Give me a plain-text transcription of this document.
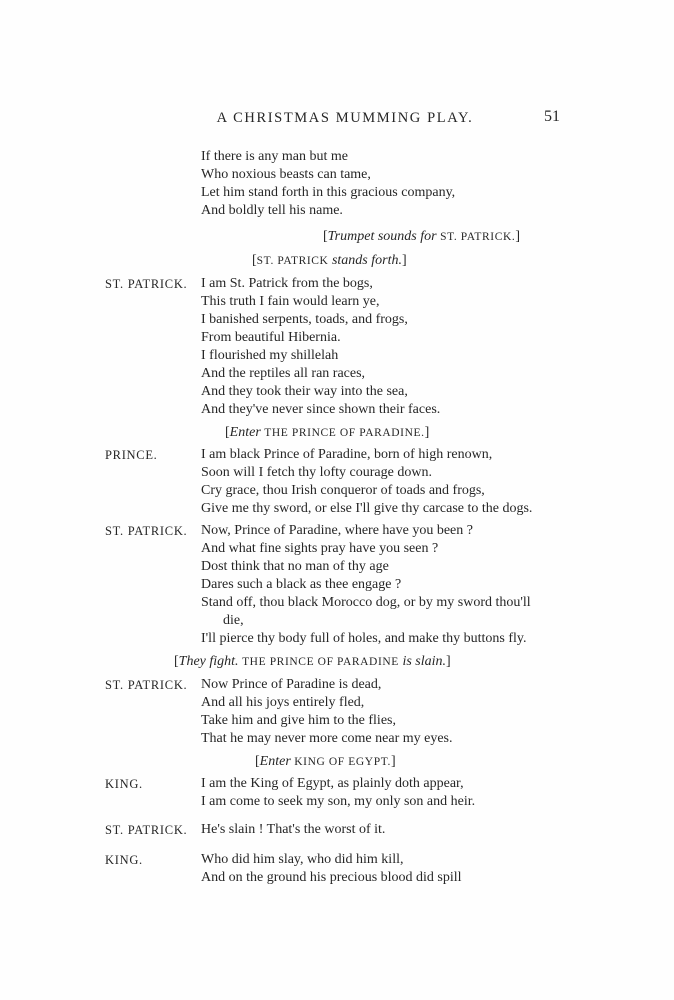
A CHRISTMAS MUMMING PLAY.	51
If there is any man but me
Who noxious beasts can tame,
Let him stand forth in this gracious company,
And boldly tell his name.
[Trumpet sounds for ST. PATRICK.]
[ST. PATRICK stands forth.]
ST. PATRICK. I am St. Patrick from the bogs,
This truth I fain would learn ye,
I banished serpents, toads, and frogs,
From beautiful Hibernia.
I flourished my shillelah
And the reptiles all ran races,
And they took their way into the sea,
And they've never since shown their faces.
[Enter THE PRINCE OF PARADINE.]
PRINCE.	I am black Prince of Paradine, born of high renown,
Soon will I fetch thy lofty courage down.
Cry grace, thou Irish conqueror of toads and frogs,
Give me thy sword, or else I'll give thy carcase to the dogs.
ST. PATRICK. Now, Prince of Paradine, where have you been ?
And what fine sights pray have you seen ?
Dost think that no man of thy age
Dares such a black as thee engage ?
Stand off, thou black Morocco dog, or by my sword thou'll
die,
I'll pierce thy body full of holes, and make thy buttons fly.
[They fight. THE PRINCE OF PARADINE is slain.]
ST. PATRICK. Now Prince of Paradine is dead,
And all his joys entirely fled,
Take him and give him to the flies,
That he may never more come near my eyes.
[Enter KING OF EGYPT.]
KING.	I am the King of Egypt, as plainly doth appear,
I am come to seek my son, my only son and heir.
ST. PATRICK. He's slain ! That's the worst of it.
KING.	Who did him slay, who did him kill,
And on the ground his precious blood did spill
